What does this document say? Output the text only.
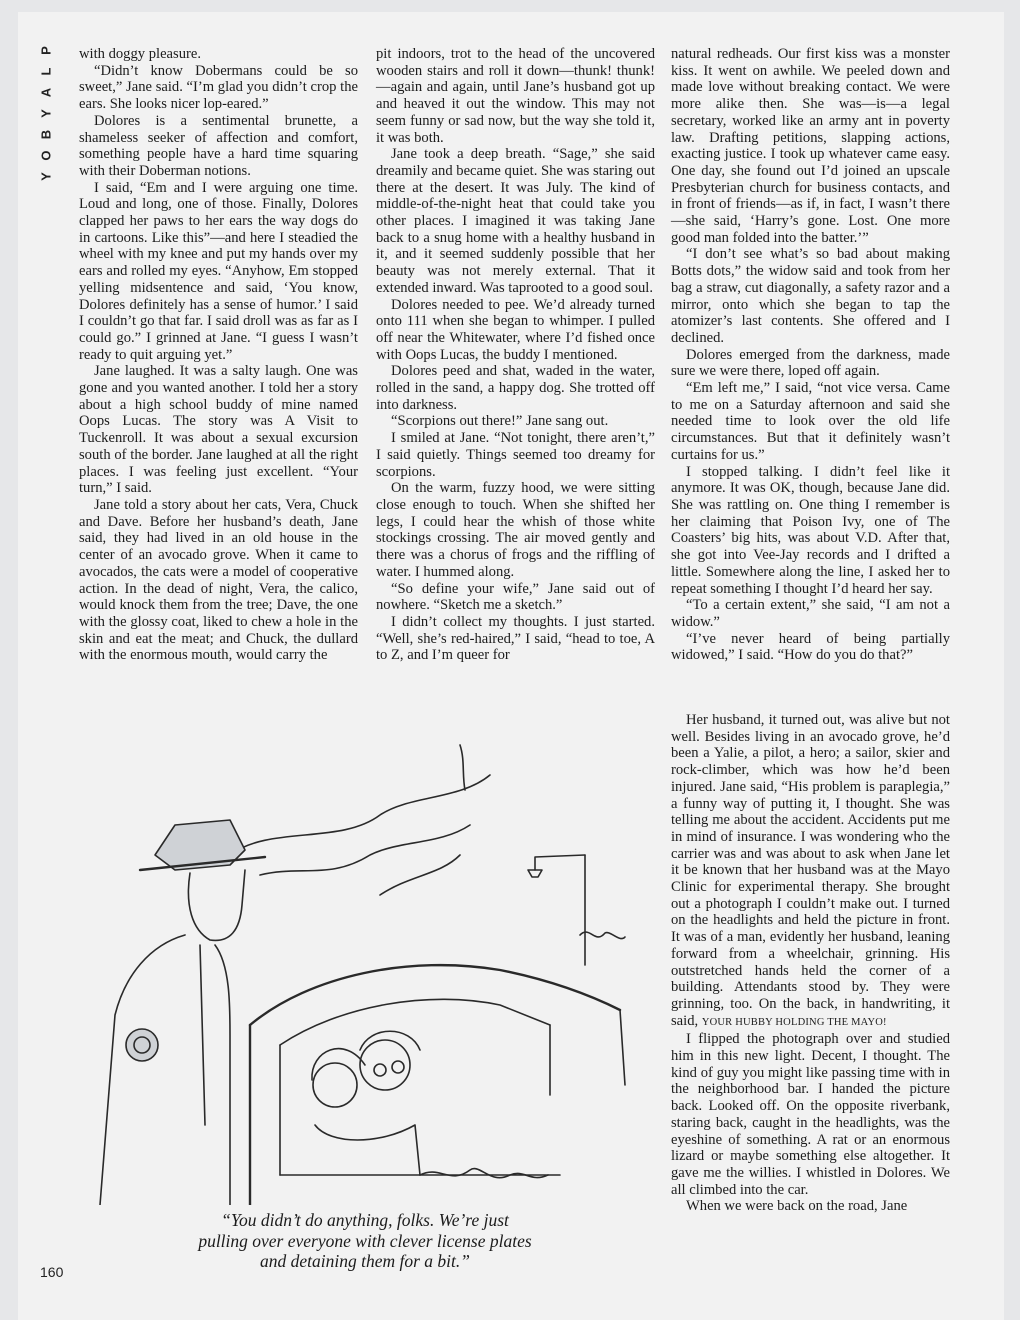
P
L
A
Y
B
O
Y

with doggy pleasure.

“Didn’t know Dobermans could be so sweet,” Jane said. “I’m glad you didn’t crop the ears. She looks nicer lop-eared.”

Dolores is a sentimental brunette, a shameless seeker of affection and comfort, something people have a hard time squaring with their Doberman notions.

I said, “Em and I were arguing one time. Loud and long, one of those. Finally, Dolores clapped her paws to her ears the way dogs do in cartoons. Like this”—and here I steadied the wheel with my knee and put my hands over my ears and rolled my eyes. “Anyhow, Em stopped yelling midsentence and said, ‘You know, Dolores definitely has a sense of humor.’ I said I couldn’t go that far. I said droll was as far as I could go.” I grinned at Jane. “I guess I wasn’t ready to quit arguing yet.”

Jane laughed. It was a salty laugh. One was gone and you wanted another. I told her a story about a high school buddy of mine named Oops Lucas. The story was A Visit to Tuckenroll. It was about a sexual excursion south of the border. Jane laughed at all the right places. I was feeling just excellent. “Your turn,” I said.

Jane told a story about her cats, Vera, Chuck and Dave. Before her husband’s death, Jane said, they had lived in an old house in the center of an avocado grove. When it came to avocados, the cats were a model of cooperative action. In the dead of night, Vera, the calico, would knock them from the tree; Dave, the one with the glossy coat, liked to chew a hole in the skin and eat the meat; and Chuck, the dullard with the enormous mouth, would carry the

pit indoors, trot to the head of the uncovered wooden stairs and roll it down—thunk! thunk!—again and again, until Jane’s husband got up and heaved it out the window. This may not seem funny or sad now, but the way she told it, it was both.

Jane took a deep breath. “Sage,” she said dreamily and became quiet. She was staring out there at the desert. It was July. The kind of middle-of-the-night heat that could take you other places. I imagined it was taking Jane back to a snug home with a healthy husband in it, and it seemed suddenly possible that her beauty was not merely external. That it extended inward. Was taprooted to a good soul.

Dolores needed to pee. We’d already turned onto 111 when she began to whimper. I pulled off near the Whitewater, where I’d fished once with Oops Lucas, the buddy I mentioned.

Dolores peed and shat, waded in the water, rolled in the sand, a happy dog. She trotted off into darkness.

“Scorpions out there!” Jane sang out.

I smiled at Jane. “Not tonight, there aren’t,” I said quietly. Things seemed too dreamy for scorpions.

On the warm, fuzzy hood, we were sitting close enough to touch. When she shifted her legs, I could hear the whish of those white stockings crossing. The air moved gently and there was a chorus of frogs and the riffling of water. I hummed along.

“So define your wife,” Jane said out of nowhere. “Sketch me a sketch.”

I didn’t collect my thoughts. I just started. “Well, she’s red-haired,” I said, “head to toe, A to Z, and I’m queer for

natural redheads. Our first kiss was a monster kiss. It went on awhile. We peeled down and made love without breaking contact. We were more alike then. She was—is—a legal secretary, worked like an army ant in poverty law. Drafting petitions, slapping actions, exacting justice. I took up whatever came easy. One day, she found out I’d joined an upscale Presbyterian church for business contacts, and in front of friends—as if, in fact, I wasn’t there—she said, ‘Harry’s gone. Lost. One more good man folded into the batter.’”

“I don’t see what’s so bad about making Botts dots,” the widow said and took from her bag a straw, cut diagonally, a safety razor and a mirror, onto which she began to tap the atomizer’s last contents. She offered and I declined.

Dolores emerged from the darkness, made sure we were there, loped off again.

“Em left me,” I said, “not vice versa. Came to me on a Saturday afternoon and said she needed time to look over the old life circumstances. But that it definitely wasn’t curtains for us.”

I stopped talking. I didn’t feel like it anymore. It was OK, though, because Jane did. She was rattling on. One thing I remember is her claiming that Poison Ivy, one of The Coasters’ big hits, was about V.D. After that, she got into Vee-Jay records and I drifted a little. Somewhere along the line, I asked her to repeat something I thought I’d heard her say.

“To a certain extent,” she said, “I am not a widow.”

“I’ve never heard of being partially widowed,” I said. “How do you do that?”

Her husband, it turned out, was alive but not well. Besides living in an avocado grove, he’d been a Yalie, a pilot, a hero; a sailor, skier and rock-climber, which was how he’d been injured. Jane said, “His problem is paraplegia,” a funny way of putting it, I thought. She was telling me about the accident. Accidents put me in mind of insurance. I was wondering who the carrier was and was about to ask when Jane let it be known that her husband was at the Mayo Clinic for experimental therapy. She brought out a photograph I couldn’t make out. I turned on the headlights and held the picture in front. It was of a man, evidently her husband, leaning forward from a wheelchair, grinning. His outstretched hands held the corner of a building. Attendants stood by. They were grinning, too. On the back, in handwriting, it said, YOUR HUBBY HOLDING THE MAYO!

I flipped the photograph over and studied him in this new light. Decent, I thought. The kind of guy you might like passing time with in the neighborhood bar. I handed the picture back. Looked off. On the opposite riverbank, staring back, caught in the headlights, was the eyeshine of something. A rat or an enormous lizard or maybe something else altogether. It gave me the willies. I whistled in Dolores. We all climbed into the car.

When we were back on the road, Jane

“You didn’t do anything, folks. We’re just
pulling over everyone with clever license plates
and detaining them for a bit.”
160
